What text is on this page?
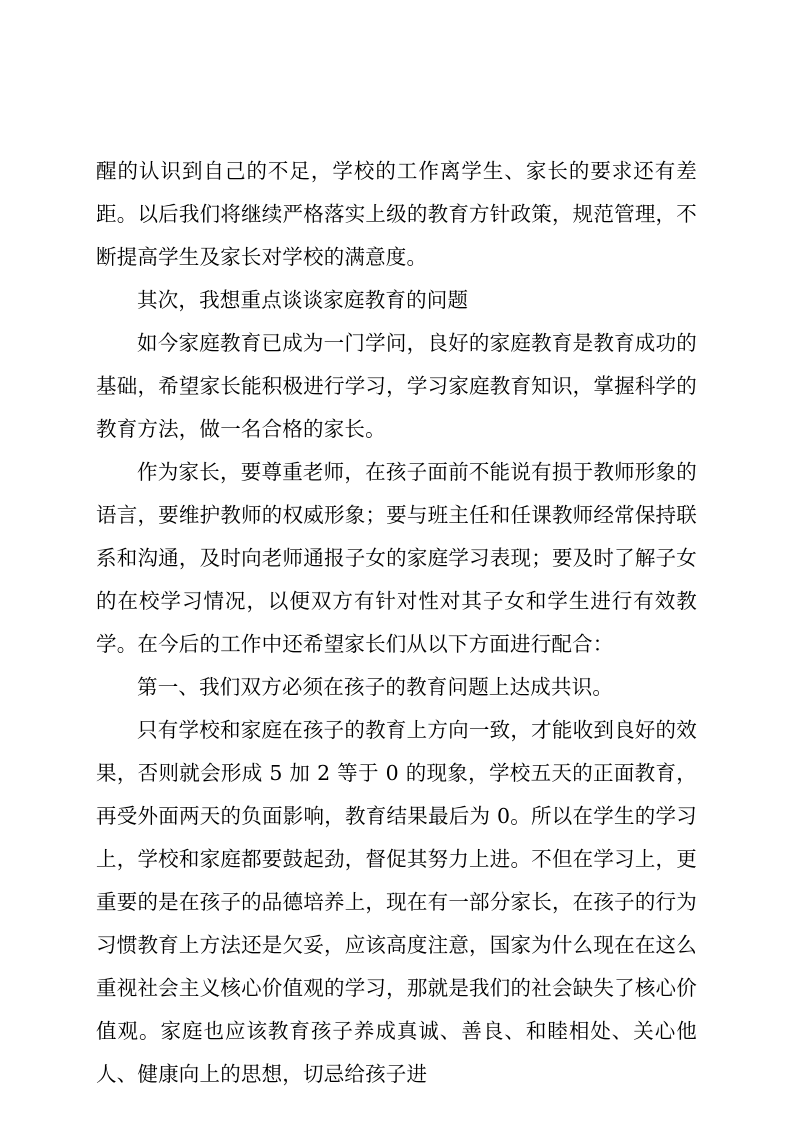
醒的认识到自己的不足，学校的工作离学生、家长的要求还有差距。以后我们将继续严格落实上级的教育方针政策，规范管理，不断提高学生及家长对学校的满意度。

其次，我想重点谈谈家庭教育的问题

如今家庭教育已成为一门学问，良好的家庭教育是教育成功的基础，希望家长能积极进行学习，学习家庭教育知识，掌握科学的教育方法，做一名合格的家长。

作为家长，要尊重老师，在孩子面前不能说有损于教师形象的语言，要维护教师的权威形象；要与班主任和任课教师经常保持联系和沟通，及时向老师通报子女的家庭学习表现；要及时了解子女的在校学习情况，以便双方有针对性对其子女和学生进行有效教学。在今后的工作中还希望家长们从以下方面进行配合：

第一、我们双方必须在孩子的教育问题上达成共识。

只有学校和家庭在孩子的教育上方向一致，才能收到良好的效果，否则就会形成 5 加 2 等于 0 的现象，学校五天的正面教育，再受外面两天的负面影响，教育结果最后为 0。所以在学生的学习上，学校和家庭都要鼓起劲，督促其努力上进。不但在学习上，更重要的是在孩子的品德培养上，现在有一部分家长，在孩子的行为习惯教育上方法还是欠妥，应该高度注意，国家为什么现在在这么重视社会主义核心价值观的学习，那就是我们的社会缺失了核心价值观。家庭也应该教育孩子养成真诚、善良、和睦相处、关心他人、健康向上的思想，切忌给孩子进
